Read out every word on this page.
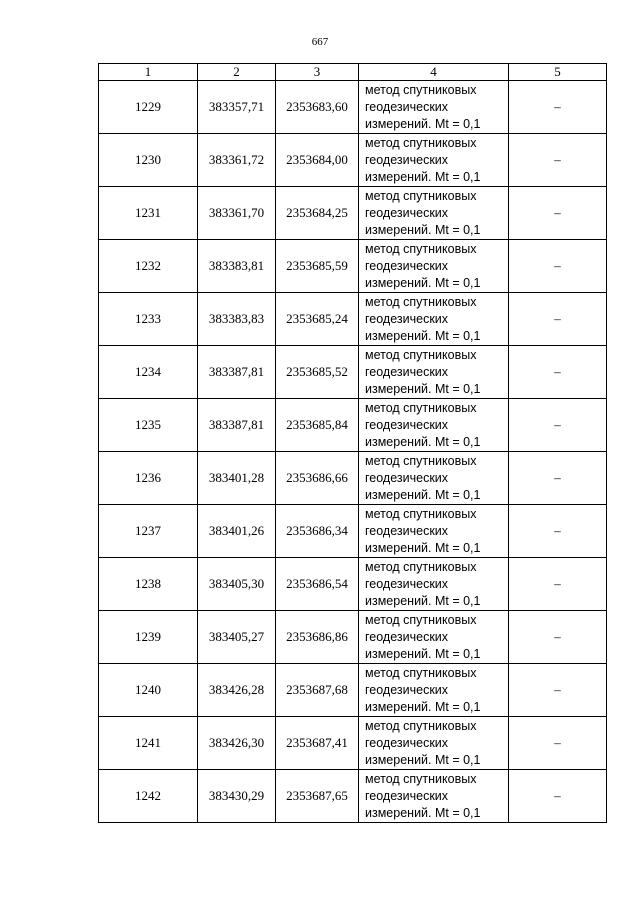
667
1	2	3	4	5
1229	383357,71	2353683,60	метод спутниковых
геодезических
измерений. Mt = 0,1	–
1230	383361,72	2353684,00	метод спутниковых
геодезических
измерений. Mt = 0,1	–
1231	383361,70	2353684,25	метод спутниковых
геодезических
измерений. Mt = 0,1	–
1232	383383,81	2353685,59	метод спутниковых
геодезических
измерений. Mt = 0,1	–
1233	383383,83	2353685,24	метод спутниковых
геодезических
измерений. Mt = 0,1	–
1234	383387,81	2353685,52	метод спутниковых
геодезических
измерений. Mt = 0,1	–
1235	383387,81	2353685,84	метод спутниковых
геодезических
измерений. Mt = 0,1	–
1236	383401,28	2353686,66	метод спутниковых
геодезических
измерений. Mt = 0,1	–
1237	383401,26	2353686,34	метод спутниковых
геодезических
измерений. Mt = 0,1	–
1238	383405,30	2353686,54	метод спутниковых
геодезических
измерений. Mt = 0,1	–
1239	383405,27	2353686,86	метод спутниковых
геодезических
измерений. Mt = 0,1	–
1240	383426,28	2353687,68	метод спутниковых
геодезических
измерений. Mt = 0,1	–
1241	383426,30	2353687,41	метод спутниковых
геодезических
измерений. Mt = 0,1	–
1242	383430,29	2353687,65	метод спутниковых
геодезических
измерений. Mt = 0,1	–
